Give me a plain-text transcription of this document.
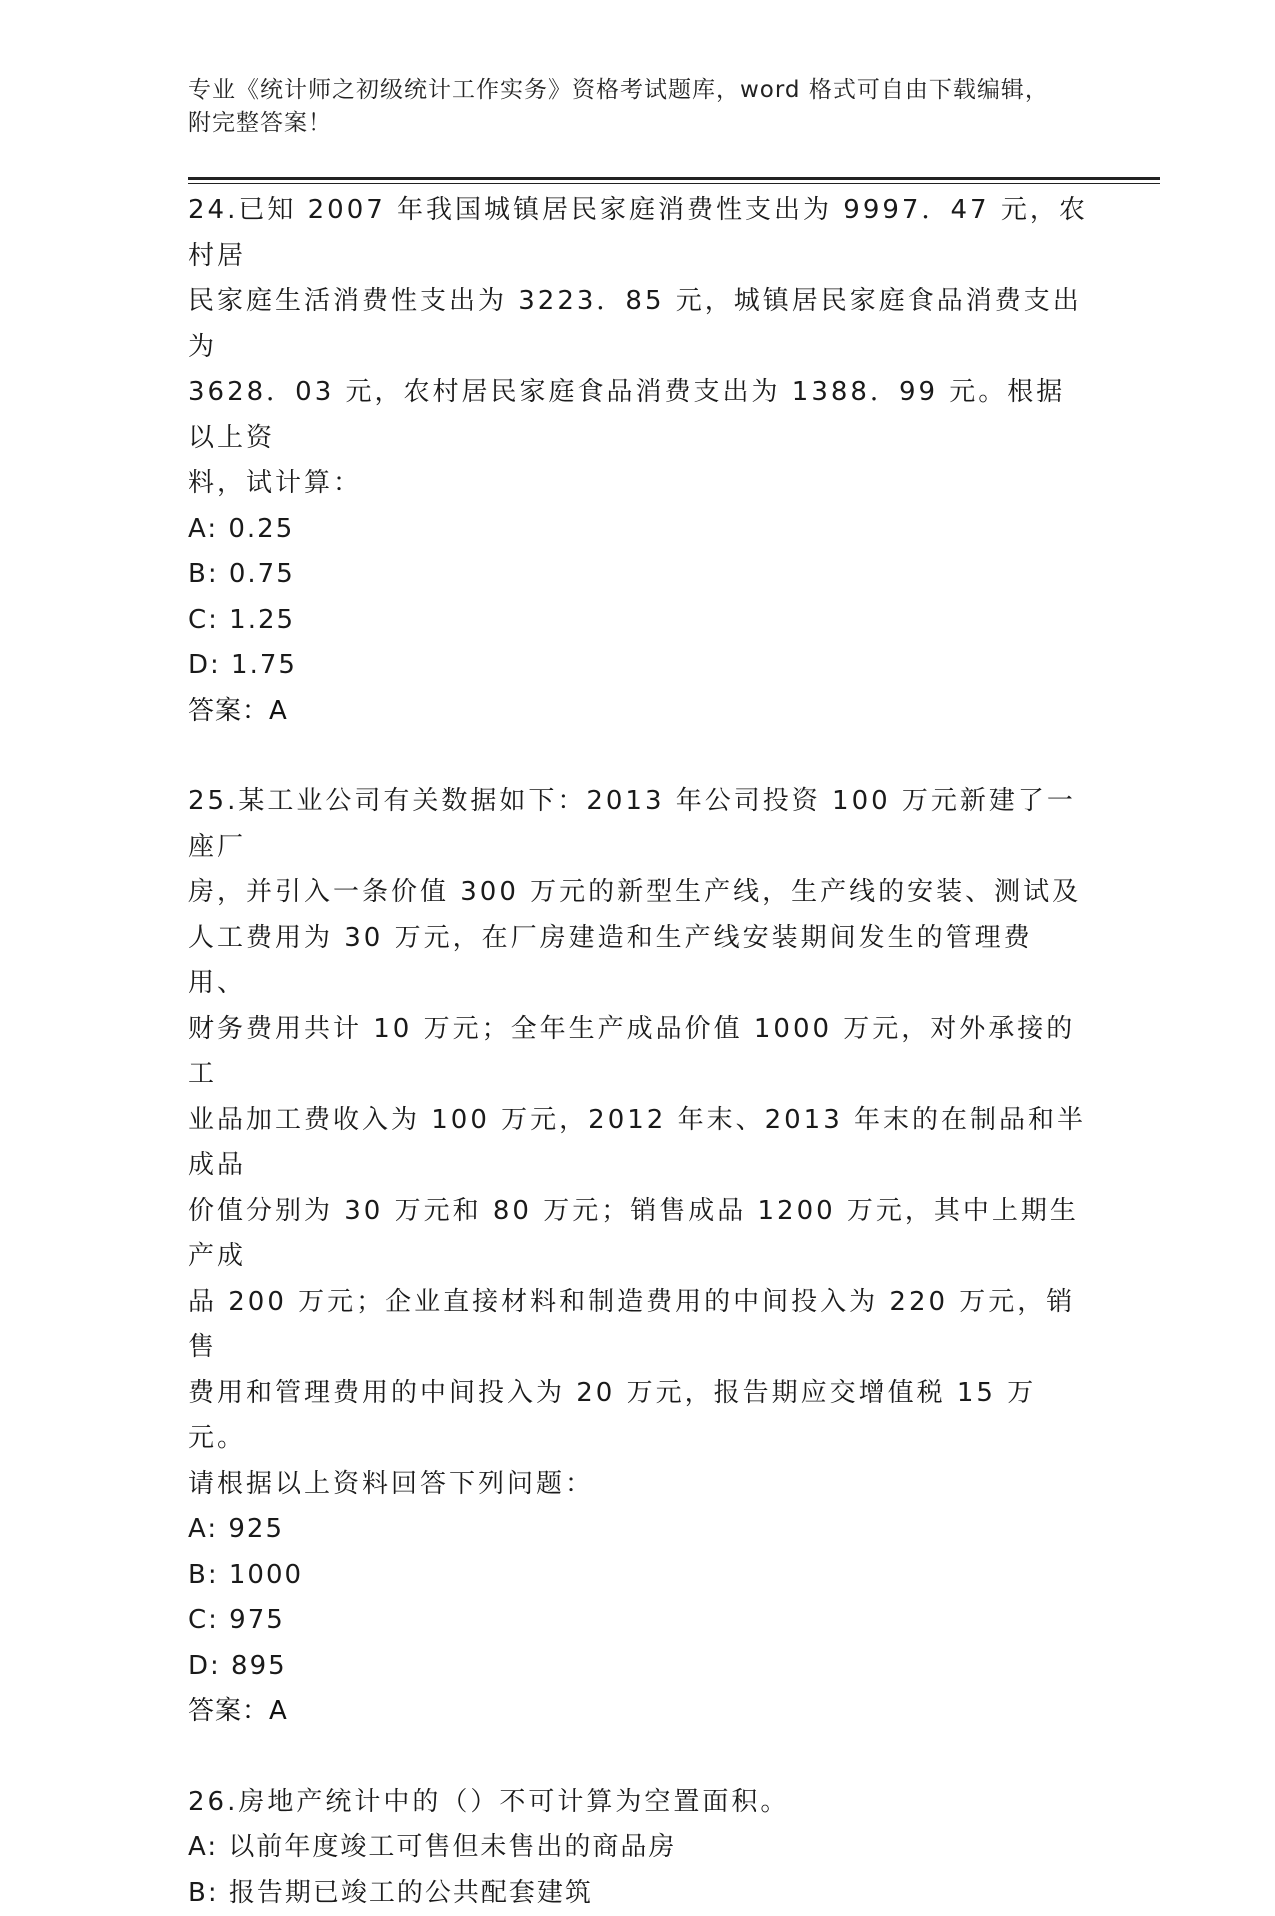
专业《统计师之初级统计工作实务》资格考试题库，word 格式可自由下载编辑，
附完整答案！

24.已知 2007 年我国城镇居民家庭消费性支出为 9997．47 元，农村居

民家庭生活消费性支出为 3223．85 元，城镇居民家庭食品消费支出为

3628．03 元，农村居民家庭食品消费支出为 1388．99 元。根据以上资

料，试计算：

A: 0.25

B: 0.75

C: 1.25

D: 1.75

答案：A

25.某工业公司有关数据如下：2013 年公司投资 100 万元新建了一座厂

房，并引入一条价值 300 万元的新型生产线，生产线的安装、测试及

人工费用为 30 万元，在厂房建造和生产线安装期间发生的管理费用、

财务费用共计 10 万元；全年生产成品价值 1000 万元，对外承接的工

业品加工费收入为 100 万元，2012 年末、2013 年末的在制品和半成品

价值分别为 30 万元和 80 万元；销售成品 1200 万元，其中上期生产成

品 200 万元；企业直接材料和制造费用的中间投入为 220 万元，销售

费用和管理费用的中间投入为 20 万元，报告期应交增值税 15 万元。

请根据以上资料回答下列问题：

A: 925

B: 1000

C: 975

D: 895

答案：A

26.房地产统计中的（）不可计算为空置面积。

A: 以前年度竣工可售但未售出的商品房

B: 报告期已竣工的公共配套建筑
